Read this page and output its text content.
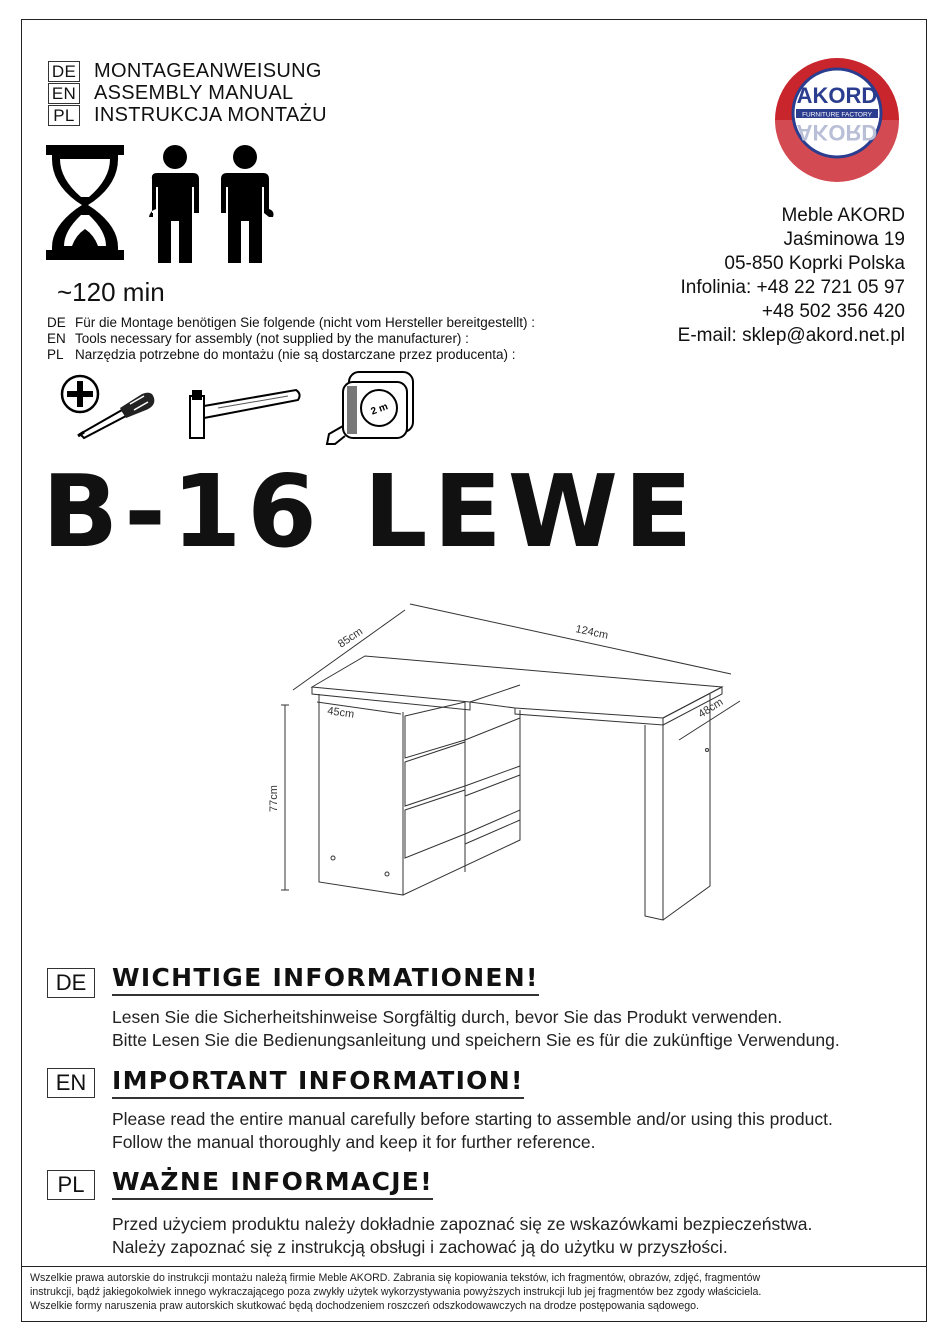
DE MONTAGEANWEISUNG
EN ASSEMBLY MANUAL
PL INSTRUKCJA MONTAŻU
~120 min
DE Für die Montage benötigen Sie folgende (nicht vom Hersteller bereitgestellt) :
EN Tools necessary for assembly (not supplied by the manufacturer) :
PL Narzędzia potrzebne do montażu (nie są dostarczane przez producenta) :
2 m
AKORD
FURNITURE FACTORY
AKORD
Meble AKORD
Jaśminowa 19
05-850 Koprki Polska
Infolinia: +48 22 721 05 97
+48 502 356 420
E-mail: sklep@akord.net.pl
B-16 LEWE
45cm
77cm
85cm	124cm
48cm
DE	WICHTIGE INFORMATIONEN!
Lesen Sie die Sicherheitshinweise Sorgfältig durch, bevor Sie das Produkt verwenden.
Bitte Lesen Sie die Bedienungsanleitung und speichern Sie es für die zukünftige Verwendung.
EN	IMPORTANT INFORMATION!
Please read the entire manual carefully before starting to assemble and/or using this product.
Follow the manual thoroughly and keep it for further reference.
PL	WAŻNE INFORMACJE!
Przed użyciem produktu należy dokładnie zapoznać się ze wskazówkami bezpieczeństwa.
Należy zapoznać się z instrukcją obsługi i zachować ją do użytku w przyszłości.
Wszelkie prawa autorskie do instrukcji montażu należą firmie Meble AKORD. Zabrania się kopiowania tekstów, ich fragmentów, obrazów, zdjęć, fragmentów
instrukcji, bądź jakiegokolwiek innego wykraczającego poza zwykły użytek wykorzystywania powyższych instrukcji lub jej fragmentów bez zgody właściciela.
Wszelkie formy naruszenia praw autorskich skutkować będą dochodzeniem roszczeń odszkodowawczych na drodze postępowania sądowego.
